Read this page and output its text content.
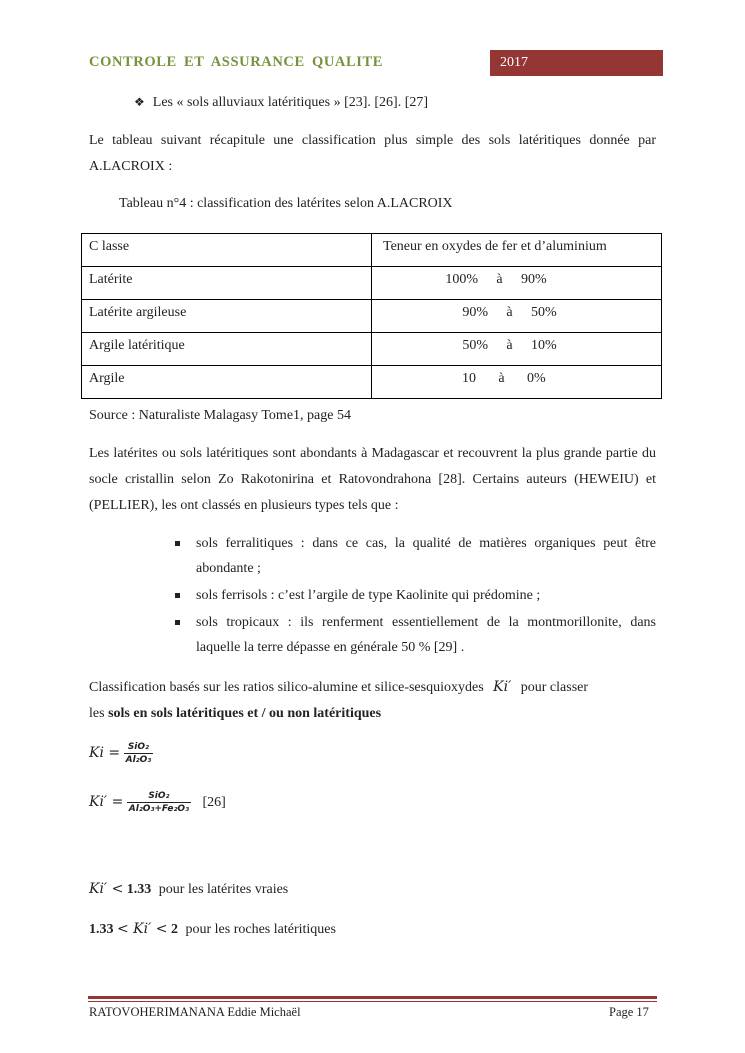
CONTROLE ET ASSURANCE QUALITE	2017
❖ Les « sols alluviaux latéritiques » [23]. [26]. [27]
Le tableau suivant récapitule une classification plus simple des sols latéritiques donnée par A.LACROIX :
Tableau n°4 : classification des latérites selon A.LACROIX
C lasse	Teneur en oxydes de fer et d’aluminium
Latérite	100% à 90%
Latérite argileuse	90% à 50%
Argile latéritique	50% à 10%
Argile	10 à 0%
Source : Naturaliste Malagasy Tome1, page 54
Les latérites ou sols latéritiques sont abondants à Madagascar et recouvrent la plus grande partie du socle cristallin selon Zo Rakotonirina et Ratovondrahona [28]. Certains auteurs (HEWEIU) et (PELLIER), les ont classés en plusieurs types tels que :
sols ferralitiques : dans ce cas, la qualité de matières organiques peut être abondante ;
sols ferrisols : c’est l’argile de type Kaolinite qui prédomine ;
sols tropicaux : ils renferment essentiellement de la montmorillonite, dans laquelle la terre dépasse en générale 50 % [29] .
Classification basés sur les ratios silico-alumine et silice-sesquioxydes Ki′ pour classer
les sols en sols latéritiques et / ou non latéritiques
$Ki = \frac{\text{SiO₂}}{\text{Al₂O₃}}$
$Ki' = \frac{\text{SiO₂}}{\text{Al₂O₃+Fe₂O₃}} [26]$
Ki′ < 1.33 pour les latérites vraies
1.33 < Ki′ < 2 pour les roches latéritiques
RATOVOHERIMANANA Eddie Michaël	Page 17
